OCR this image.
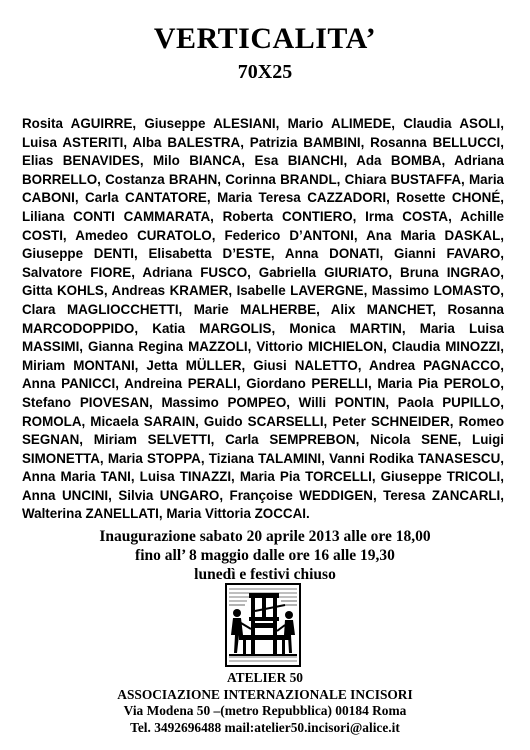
VERTICALITA’
70X25

Rosita AGUIRRE, Giuseppe ALESIANI, Mario ALIMEDE, Claudia ASOLI, Luisa ASTERITI, Alba BALESTRA, Patrizia BAMBINI, Rosanna BELLUCCI, Elias BENAVIDES, Milo BIANCA, Esa BIANCHI, Ada BOMBA, Adriana BORRELLO, Costanza BRAHN, Corinna BRANDL, Chiara BUSTAFFA, Maria CABONI, Carla CANTATORE, Maria Teresa CAZZADORI, Rosette CHONÉ, Liliana CONTI CAMMARATA, Roberta CONTIERO, Irma COSTA, Achille COSTI, Amedeo CURATOLO, Federico D’ANTONI, Ana Maria DASKAL, Giuseppe DENTI, Elisabetta D’ESTE, Anna DONATI, Gianni FAVARO, Salvatore FIORE, Adriana FUSCO, Gabriella GIURIATO, Bruna INGRAO, Gitta KOHLS, Andreas KRAMER, Isabelle LAVERGNE, Massimo LOMASTO, Clara MAGLIOCCHETTI, Marie MALHERBE, Alix MANCHET, Rosanna MARCODOPPIDO, Katia MARGOLIS, Monica MARTIN, Maria Luisa MASSIMI, Gianna Regina MAZZOLI, Vittorio MICHIELON, Claudia MINOZZI, Miriam MONTANI, Jetta MÜLLER, Giusi NALETTO, Andrea PAGNACCO, Anna PANICCI, Andreina PERALI, Giordano PERELLI, Maria Pia PEROLO, Stefano PIOVESAN, Massimo POMPEO, Willi PONTIN, Paola PUPILLO, ROMOLA, Micaela SARAIN, Guido SCARSELLI, Peter SCHNEIDER, Romeo SEGNAN, Miriam SELVETTI, Carla SEMPREBON, Nicola SENE, Luigi SIMONETTA, Maria STOPPA, Tiziana TALAMINI, Vanni Rodika TANASESCU, Anna Maria TANI, Luisa TINAZZI, Maria Pia TORCELLI, Giuseppe TRICOLI, Anna UNCINI, Silvia UNGARO, Françoise WEDDIGEN, Teresa ZANCARLI, Walterina ZANELLATI, Maria Vittoria ZOCCAI.

Inaugurazione sabato 20 aprile 2013 alle ore 18,00
fino all’ 8 maggio dalle ore 16 alle 19,30
lunedì e festivi chiuso
ATELIER 50
ASSOCIAZIONE INTERNAZIONALE INCISORI
Via Modena 50 –(metro Repubblica) 00184 Roma
Tel. 3492696488 mail:atelier50.incisori@alice.it
